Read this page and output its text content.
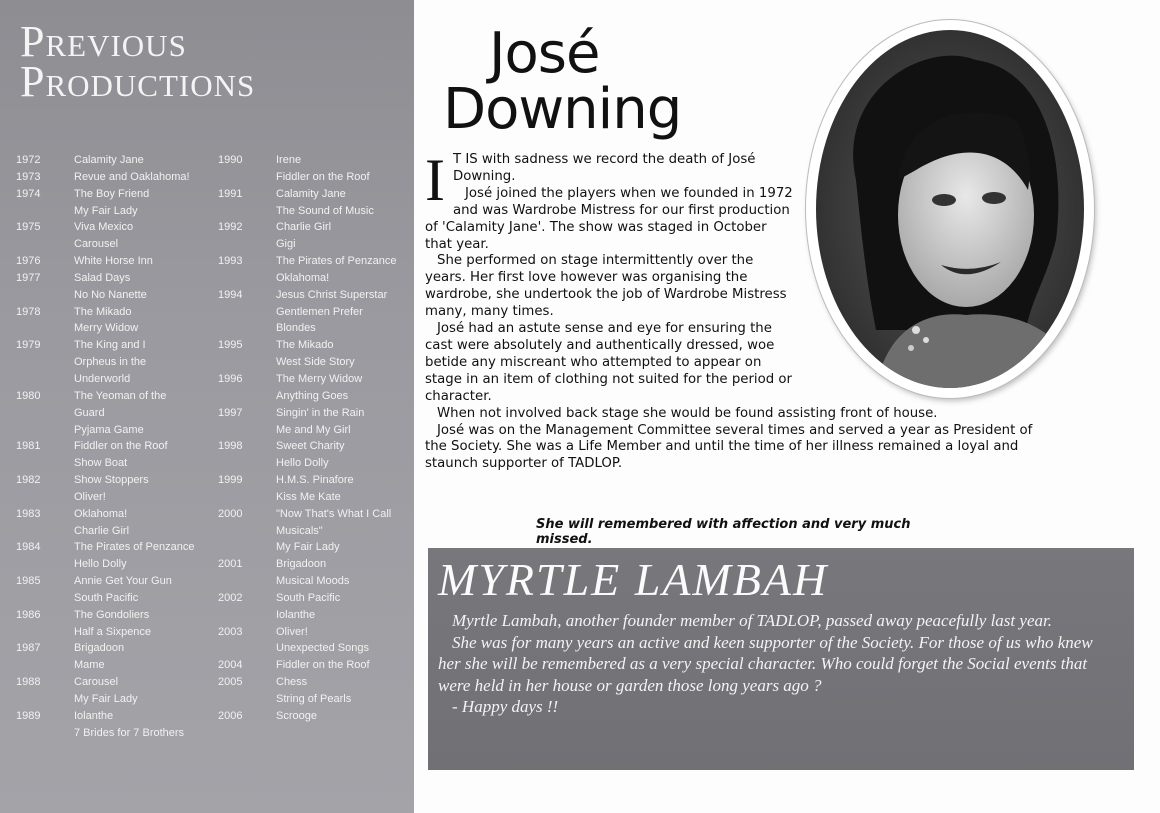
Previous
Productions
1972	Calamity Jane
1973	Revue and Oaklahoma!
1974	The Boy Friend
My Fair Lady
1975	Viva Mexico
Carousel
1976	White Horse Inn
1977	Salad Days
No No Nanette
1978	The Mikado
Merry Widow
1979	The King and I
Orpheus in the
Underworld
1980	The Yeoman of the
Guard
Pyjama Game
1981	Fiddler on the Roof
Show Boat
1982	Show Stoppers
Oliver!
1983	Oklahoma!
Charlie Girl
1984	The Pirates of Penzance
Hello Dolly
1985	Annie Get Your Gun
South Pacific
1986	The Gondoliers
Half a Sixpence
1987	Brigadoon
Mame
1988	Carousel
My Fair Lady
1989	Iolanthe
7 Brides for 7 Brothers
1990	Irene
Fiddler on the Roof
1991	Calamity Jane
The Sound of Music
1992	Charlie Girl
Gigi
1993	The Pirates of Penzance
Oklahoma!
1994	Jesus Christ Superstar
Gentlemen Prefer
Blondes
1995	The Mikado
West Side Story
1996	The Merry Widow
Anything Goes
1997	Singin' in the Rain
Me and My Girl
1998	Sweet Charity
Hello Dolly
1999	H.M.S. Pinafore
Kiss Me Kate
2000	"Now That's What I Call
Musicals"
My Fair Lady
2001	Brigadoon
Musical Moods
2002	South Pacific
Iolanthe
2003	Oliver!
Unexpected Songs
2004	Fiddler on the Roof
2005	Chess
String of Pearls
2006	Scrooge
José
Downing

I T IS with sadness we record the death of José Downing.

José joined the players when we founded in 1972 and was Wardrobe Mistress for our first production of 'Calamity Jane'. The show was staged in October that year.

She performed on stage intermittently over the years. Her first love however was organising the wardrobe, she undertook the job of Wardrobe Mistress many, many times.

José had an astute sense and eye for ensuring the cast were absolutely and authentically dressed, woe betide any miscreant who attempted to appear on stage in an item of clothing not suited for the period or character.

When not involved back stage she would be found assisting front of house.

José was on the Management Committee several times and served a year as President of the Society. She was a Life Member and until the time of her illness remained a loyal and staunch supporter of TADLOP.

She will remembered with affection and very much missed.

MYRTLE LAMBAH

Myrtle Lambah, another founder member of TADLOP, passed away peacefully last year.

She was for many years an active and keen supporter of the Society. For those of us who knew her she will be remembered as a very special character. Who could forget the Social events that were held in her house or garden those long years ago ?

- Happy days !!
